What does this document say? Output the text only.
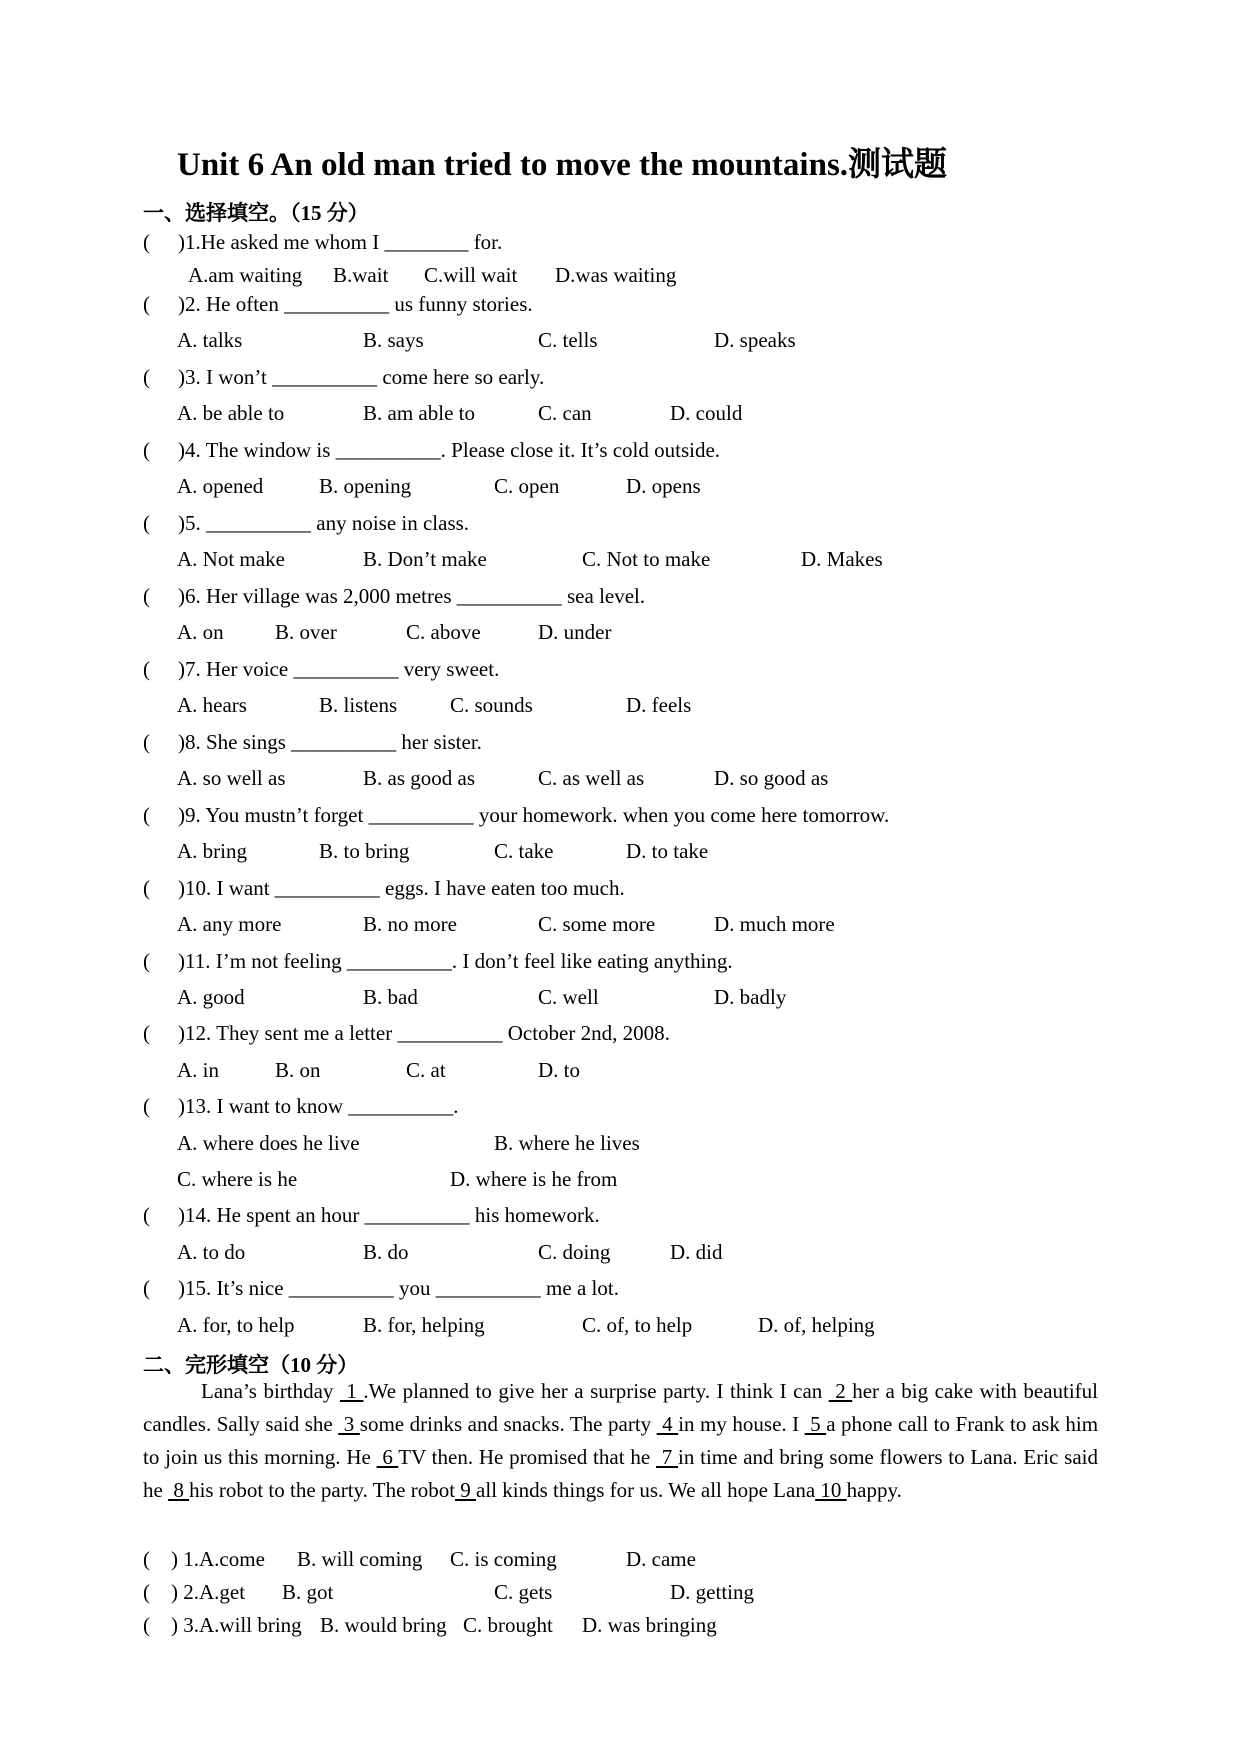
Unit 6 An old man tried to move the mountains.测试题
一、选择填空。（15 分）
( )1.He asked me whom I ________ for.
A.am waiting B.wait C.will wait D.was waiting
( )2. He often __________ us funny stories.
A. talks	B. says	C. tells	D. speaks
( )3. I won’t __________ come here so early.
A. be able to	B. am able to	C. can	D. could
( )4. The window is __________. Please close it. It’s cold outside.
A. opened	B. opening	C. open	D. opens
( )5. __________ any noise in class.
A. Not make	B. Don’t make	C. Not to make	D. Makes
( )6. Her village was 2,000 metres __________ sea level.
A. on B. over	C. above	D. under
( )7. Her voice __________ very sweet.
A. hears	B. listens	C. sounds	D. feels
( )8. She sings __________ her sister.
A. so well as	B. as good as	C. as well as	D. so good as
( )9. You mustn’t forget __________ your homework. when you come here tomorrow.
A. bring	B. to bring	C. take	D. to take
( )10. I want __________ eggs. I have eaten too much.
A. any more	B. no more	C. some more	D. much more
( )11. I’m not feeling __________. I don’t feel like eating anything.
A. good	B. bad	C. well	D. badly
( )12. They sent me a letter __________ October 2nd, 2008.
A. in	B. on	C. at	D. to
( )13. I want to know __________.
A. where does he live	B. where he lives
C. where is he	D. where is he from
( )14. He spent an hour __________ his homework.
A. to do	B. do	C. doing	D. did
( )15. It’s nice __________ you __________ me a lot.
A. for, to help	B. for, helping	C. of, to help	D. of, helping
二、完形填空（10 分）
Lana’s birthday  1 .We planned to give her a surprise party. I think I can  2 her a big cake with beautiful candles. Sally said she  3 some drinks and snacks. The party  4 in my house. I  5 a phone call to Frank to ask him to join us this morning. He  6 TV then. He promised that he  7 in time and bring some flowers to Lana. Eric said he  8 his robot to the party. The robot 9 all kinds things for us. We all hope Lana 10 happy.
( ) 1.A.come B. will coming C. is coming	D. came
( ) 2.A.get B. got	C. gets	D. getting
( ) 3.A.will bring B. would bring C. brought D. was bringing
